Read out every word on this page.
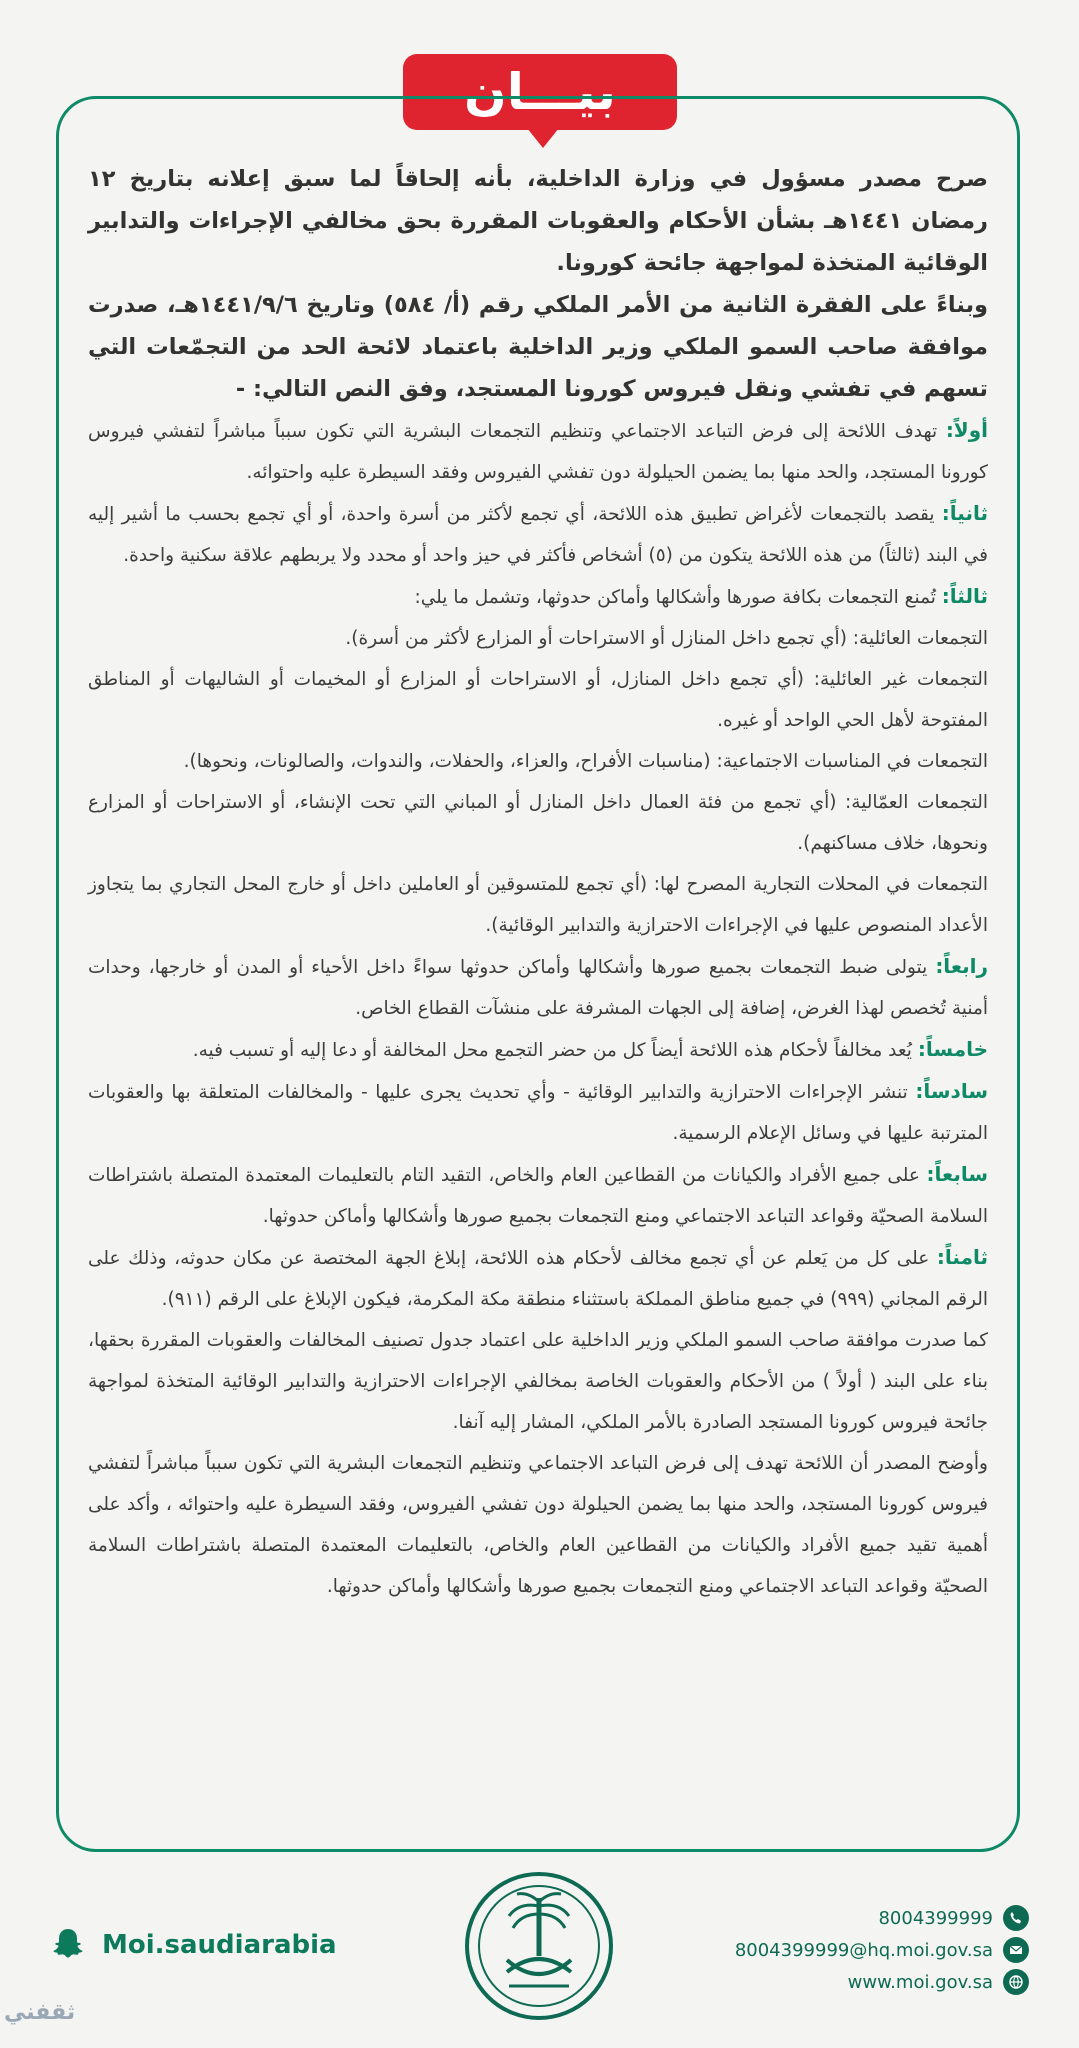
بيـــان

صرح مصدر مسؤول في وزارة الداخلية، بأنه إلحاقاً لما سبق إعلانه بتاريخ ١٢ رمضان ١٤٤١هـ بشأن الأحكام والعقوبات المقررة بحق مخالفي الإجراءات والتدابير الوقائية المتخذة لمواجهة جائحة كورونا.

وبناءً على الفقرة الثانية من الأمر الملكي رقم (أ/ ٥٨٤) وتاريخ ١٤٤١/٩/٦هـ، صدرت موافقة صاحب السمو الملكي وزير الداخلية باعتماد لائحة الحد من التجمّعات التي تسهم في تفشي ونقل فيروس كورونا المستجد، وفق النص التالي: -

أولاً: تهدف اللائحة إلى فرض التباعد الاجتماعي وتنظيم التجمعات البشرية التي تكون سبباً مباشراً لتفشي فيروس كورونا المستجد، والحد منها بما يضمن الحيلولة دون تفشي الفيروس وفقد السيطرة عليه واحتوائه.

ثانياً: يقصد بالتجمعات لأغراض تطبيق هذه اللائحة، أي تجمع لأكثر من أسرة واحدة، أو أي تجمع بحسب ما أشير إليه في البند (ثالثاً) من هذه اللائحة يتكون من (٥) أشخاص فأكثر في حيز واحد أو محدد ولا يربطهم علاقة سكنية واحدة.

ثالثاً: تُمنع التجمعات بكافة صورها وأشكالها وأماكن حدوثها، وتشمل ما يلي:

التجمعات العائلية: (أي تجمع داخل المنازل أو الاستراحات أو المزارع لأكثر من أسرة).

التجمعات غير العائلية: (أي تجمع داخل المنازل، أو الاستراحات أو المزارع أو المخيمات أو الشاليهات أو المناطق المفتوحة لأهل الحي الواحد أو غيره.

التجمعات في المناسبات الاجتماعية: (مناسبات الأفراح، والعزاء، والحفلات، والندوات، والصالونات، ونحوها).

التجمعات العمّالية: (أي تجمع من فئة العمال داخل المنازل أو المباني التي تحت الإنشاء، أو الاستراحات أو المزارع ونحوها، خلاف مساكنهم).

التجمعات في المحلات التجارية المصرح لها: (أي تجمع للمتسوقين أو العاملين داخل أو خارج المحل التجاري بما يتجاوز الأعداد المنصوص عليها في الإجراءات الاحترازية والتدابير الوقائية).

رابعاً: يتولى ضبط التجمعات بجميع صورها وأشكالها وأماكن حدوثها سواءً داخل الأحياء أو المدن أو خارجها، وحدات أمنية تُخصص لهذا الغرض، إضافة إلى الجهات المشرفة على منشآت القطاع الخاص.

خامساً: يُعد مخالفاً لأحكام هذه اللائحة أيضاً كل من حضر التجمع محل المخالفة أو دعا إليه أو تسبب فيه.

سادساً: تنشر الإجراءات الاحترازية والتدابير الوقائية - وأي تحديث يجرى عليها - والمخالفات المتعلقة بها والعقوبات المترتبة عليها في وسائل الإعلام الرسمية.

سابعاً: على جميع الأفراد والكيانات من القطاعين العام والخاص، التقيد التام بالتعليمات المعتمدة المتصلة باشتراطات السلامة الصحيّة وقواعد التباعد الاجتماعي ومنع التجمعات بجميع صورها وأشكالها وأماكن حدوثها.

ثامناً: على كل من يَعلم عن أي تجمع مخالف لأحكام هذه اللائحة، إبلاغ الجهة المختصة عن مكان حدوثه، وذلك على الرقم المجاني (٩٩٩) في جميع مناطق المملكة باستثناء منطقة مكة المكرمة، فيكون الإبلاغ على الرقم (٩١١).

كما صدرت موافقة صاحب السمو الملكي وزير الداخلية على اعتماد جدول تصنيف المخالفات والعقوبات المقررة بحقها، بناء على البند ( أولاً ) من الأحكام والعقوبات الخاصة بمخالفي الإجراءات الاحترازية والتدابير الوقائية المتخذة لمواجهة جائحة فيروس كورونا المستجد الصادرة بالأمر الملكي، المشار إليه آنفا.

وأوضح المصدر أن اللائحة تهدف إلى فرض التباعد الاجتماعي وتنظيم التجمعات البشرية التي تكون سبباً مباشراً لتفشي فيروس كورونا المستجد، والحد منها بما يضمن الحيلولة دون تفشي الفيروس، وفقد السيطرة عليه واحتوائه ، وأكد على أهمية تقيد جميع الأفراد والكيانات من القطاعين العام والخاص، بالتعليمات المعتمدة المتصلة باشتراطات السلامة الصحيّة وقواعد التباعد الاجتماعي ومنع التجمعات بجميع صورها وأشكالها وأماكن حدوثها.

Moi.saudiarabia
8004399999
8004399999@hq.moi.gov.sa
www.moi.gov.sa
ثقفني
